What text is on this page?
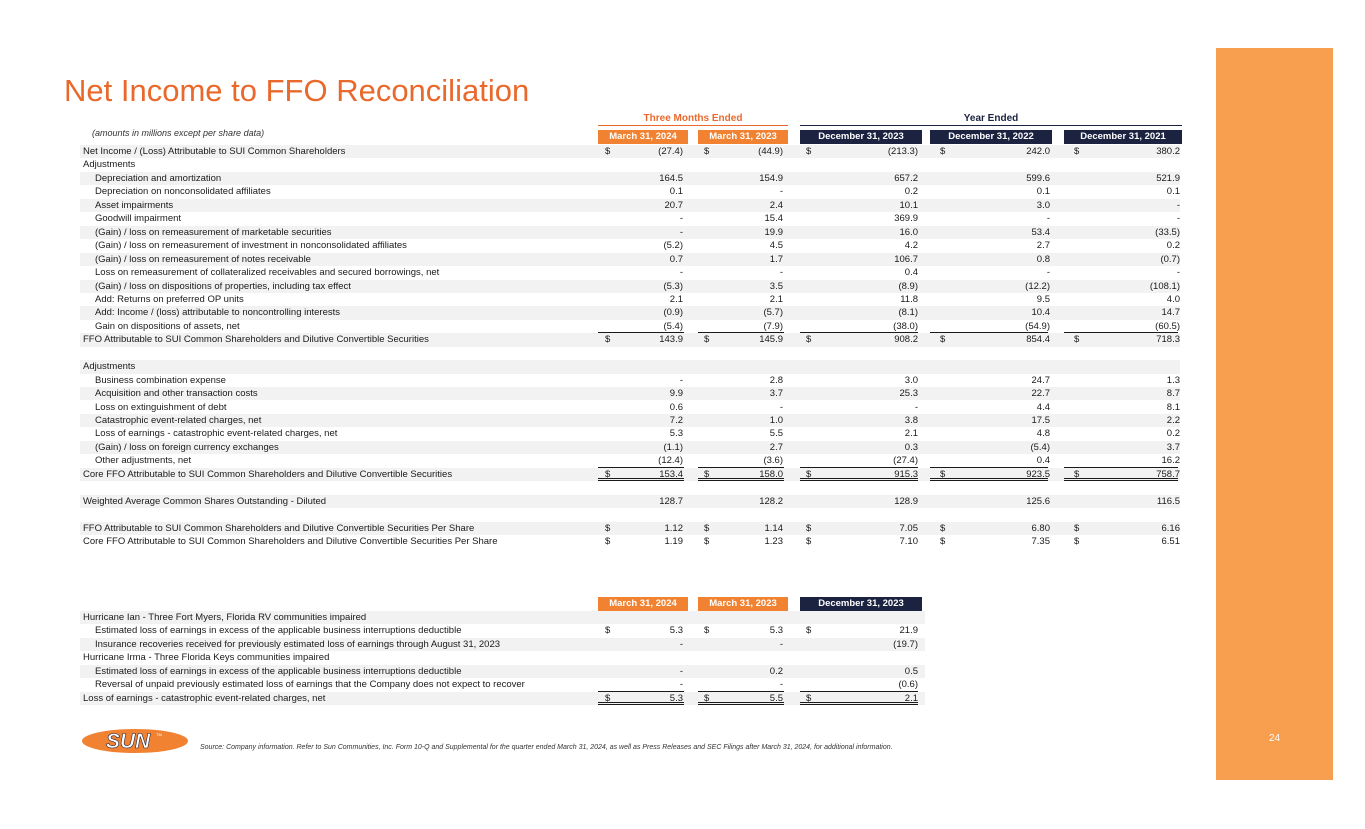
24
Net Income to FFO Reconciliation
Three Months Ended	Year Ended
(amounts in millions except per share data)	March 31, 2024	March 31, 2023	December 31, 2023	December 31, 2022	December 31, 2021
Net Income / (Loss) Attributable to SUI Common Shareholders	$	(27.4) $	(44.9) $	(213.3) $	242.0	$	380.2
Adjustments
Depreciation and amortization	164.5	154.9	657.2	599.6	521.9
Depreciation on nonconsolidated affiliates	0.1	-	0.2	0.1	0.1
Asset impairments	20.7	2.4	10.1	3.0	-
Goodwill impairment	-	15.4	369.9	-	-
(Gain) / loss on remeasurement of marketable securities	-	19.9	16.0	53.4	(33.5)
(Gain) / loss on remeasurement of investment in nonconsolidated affiliates	(5.2)	4.5	4.2	2.7	0.2
(Gain) / loss on remeasurement of notes receivable	0.7	1.7	106.7	0.8	(0.7)
Loss on remeasurement of collateralized receivables and secured borrowings, net	-	-	0.4	-	-
(Gain) / loss on dispositions of properties, including tax effect	(5.3)	3.5	(8.9)	(12.2)	(108.1)
Add: Returns on preferred OP units	2.1	2.1	11.8	9.5	4.0
Add: Income / (loss) attributable to noncontrolling interests	(0.9)	(5.7)	(8.1)	10.4	14.7
Gain on dispositions of assets, net	(5.4)	(7.9)	(38.0)	(54.9)	(60.5)
FFO Attributable to SUI Common Shareholders and Dilutive Convertible Securities	$	143.9 $	145.9 $	908.2 $	854.4	$	718.3
Adjustments
Business combination expense	-	2.8	3.0	24.7	1.3
Acquisition and other transaction costs	9.9	3.7	25.3	22.7	8.7
Loss on extinguishment of debt	0.6	-	-	4.4	8.1
Catastrophic event-related charges, net	7.2	1.0	3.8	17.5	2.2
Loss of earnings - catastrophic event-related charges, net	5.3	5.5	2.1	4.8	0.2
(Gain) / loss on foreign currency exchanges	(1.1)	2.7	0.3	(5.4)	3.7
Other adjustments, net	(12.4)	(3.6)	(27.4)	0.4	16.2
Core FFO Attributable to SUI Common Shareholders and Dilutive Convertible Securities	$	153.4 $	158.0 $	915.3 $	923.5	$	758.7
Weighted Average Common Shares Outstanding - Diluted	128.7	128.2	128.9	125.6	116.5
FFO Attributable to SUI Common Shareholders and Dilutive Convertible Securities Per Share	$	1.12 $	1.14 $	7.05 $	6.80	$	6.16
Core FFO Attributable to SUI Common Shareholders and Dilutive Convertible Securities Per Share	$	1.19 $	1.23 $	7.10 $	7.35	$	6.51
March 31, 2024	March 31, 2023	December 31, 2023
Hurricane Ian - Three Fort Myers, Florida RV communities impaired
Estimated loss of earnings in excess of the applicable business interruptions deductible	$	5.3 $	5.3 $	21.9
Insurance recoveries received for previously estimated loss of earnings through August 31, 2023	-	-	(19.7)
Hurricane Irma - Three Florida Keys communities impaired
Estimated loss of earnings in excess of the applicable business interruptions deductible	-	0.2	0.5
Reversal of unpaid previously estimated loss of earnings that the Company does not expect to recover	-	-	(0.6)
Loss of earnings - catastrophic event-related charges, net	$	5.3 $	5.5 $	2.1
SUN TM
Source: Company information. Refer to Sun Communities, Inc. Form 10-Q and Supplemental for the quarter ended March 31, 2024, as well as Press Releases and SEC Filings after March 31, 2024, for additional information.
